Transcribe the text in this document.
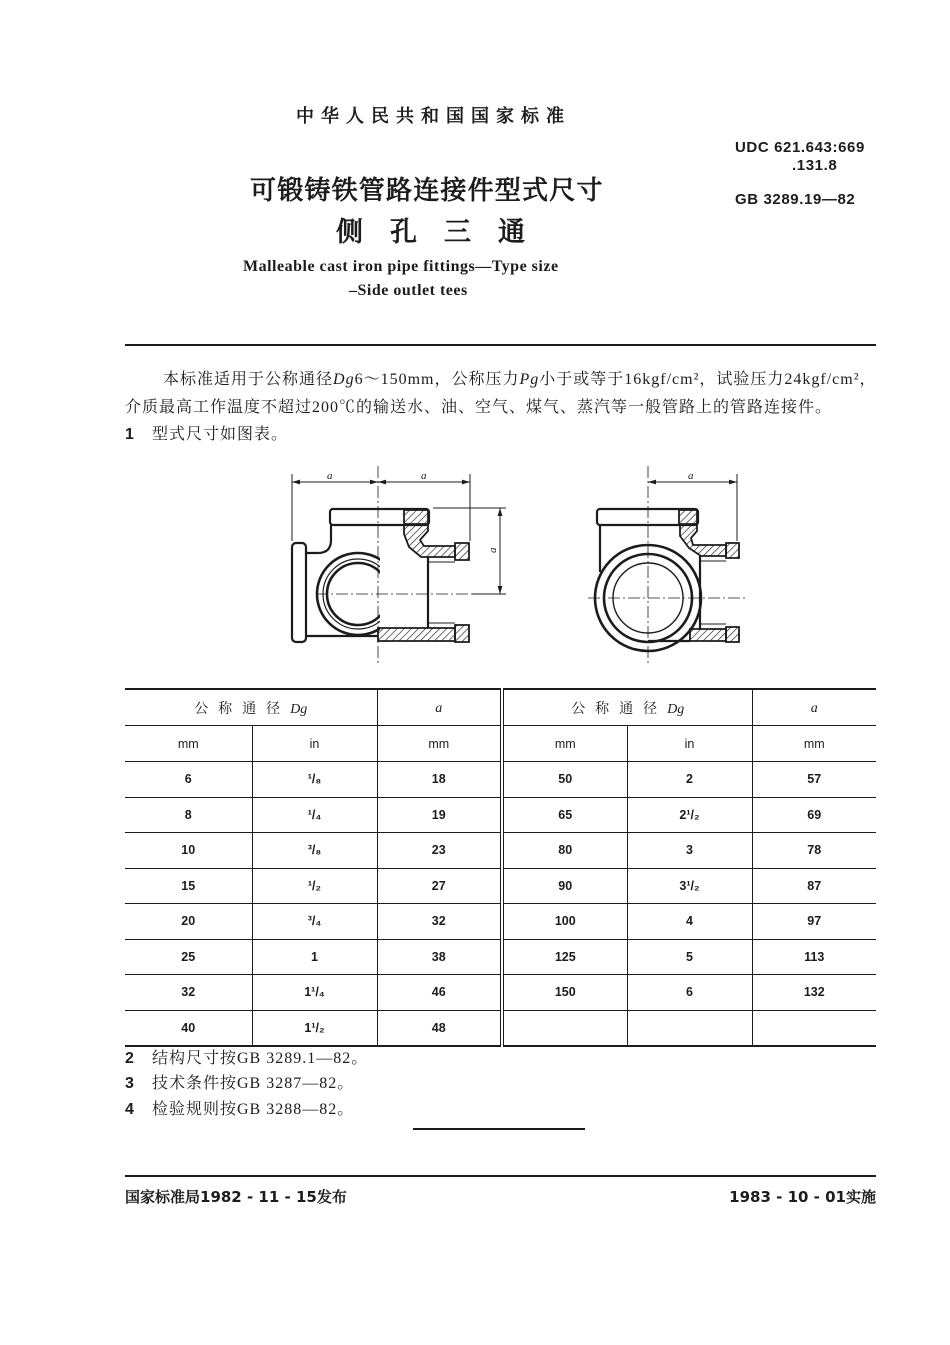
中华人民共和国国家标准
UDC 621.643:669
.131.8
GB 3289.19—82
可锻铸铁管路连接件型式尺寸
侧孔三通
Malleable cast iron pipe fittings—Type size
–Side outlet tees
本标准适用于公称通径Dg6～150mm，公称压力Pg小于或等于16kgf/cm²，试验压力24kgf/cm²，
介质最高工作温度不超过200℃的输送水、油、空气、煤气、蒸汽等一般管路上的管路连接件。
1 型式尺寸如图表。
a	a
a
a
公称通径Dg		a	公称通径Dg		a
mm	in	mm	mm	in	mm
6	¹/₈	18	50	2	57
8	¹/₄	19	65	2¹/₂	69
10	³/₈	23	80	3	78
15	¹/₂	27	90	3¹/₂	87
20	³/₄	32	100	4	97
25	1	38	125	5	113
32	1¹/₄	46	150	6	132
40	1¹/₂	48			
2 结构尺寸按GB 3289.1—82。
3 技术条件按GB 3287—82。
4 检验规则按GB 3288—82。
国家标准局1982 - 11 - 15发布	1983 - 10 - 01实施
